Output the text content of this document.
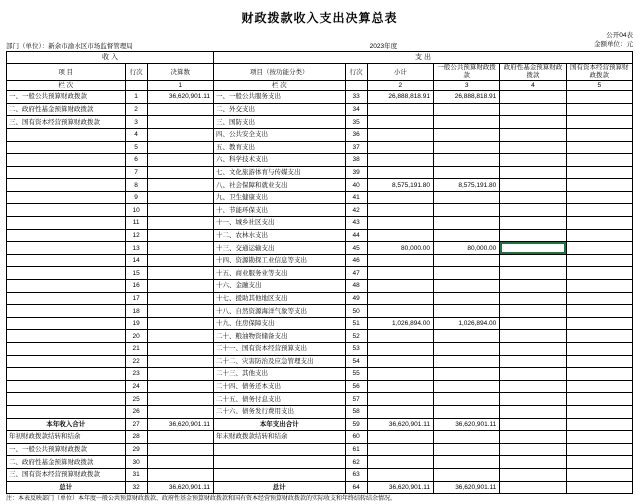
财政拨款收入支出决算总表
部门（单位）：新余市渝水区市场监督管理局	2023年度
公开04表
金额单位：元
收 入			支 出					
项 目	行次	决算数	项目（按功能分类）	行次	小计	一般公共预算财政拨款	政府性基金预算财政拨款	国有资本经营预算财政拨款

栏 次		1	栏 次		2	3	4	5
一、一般公共预算财政拨款	1	36,620,901.11	一、一般公共服务支出	33	26,888,818.91	26,888,818.91		
二、政府性基金预算财政拨款	2		二、外交支出	34				
三、国有资本经营预算财政拨款	3		三、国防支出	35				
	4		四、公共安全支出	36				
	5		五、教育支出	37				
	6		六、科学技术支出	38				
	7		七、文化旅游体育与传媒支出	39				
	8		八、社会保障和就业支出	40	8,575,191.80	8,575,191.80		
	9		九、卫生健康支出	41				
	10		十、节能环保支出	42				
	11		十一、城乡社区支出	43				
	12		十二、农林水支出	44				
	13		十三、交通运输支出	45	80,000.00	80,000.00		
	14		十四、资源勘探工业信息等支出	46				
	15		十五、商业服务业等支出	47				
	16		十六、金融支出	48				
	17		十七、援助其他地区支出	49				
	18		十八、自然资源海洋气象等支出	50				
	19		十九、住房保障支出	51	1,026,894.00	1,026,894.00		
	20		二十、粮油物资储备支出	52				
	21		二十一、国有资本经营预算支出	53				
	22		二十二、灾害防治及应急管理支出	54				
	23		二十三、其他支出	55				
	24		二十四、债务还本支出	56				
	25		二十五、债务付息支出	57				
	26		二十六、债务发行费用支出	58				
本年收入合计	27	36,620,901.11	本年支出合计	59	36,620,901.11	36,620,901.11		
年初财政拨款结转和结余	28		年末财政拨款结转和结余	60				
一、一般公共预算财政拨款	29			61				
二、政府性基金预算财政拨款	30			62				
三、国有资本经营预算财政拨款	31			63				
总计	32	36,620,901.11	总计	64	36,620,901.11	36,620,901.11		
注：本表反映部门（单位）本年度一般公共预算财政拨款、政府性基金预算财政拨款和国有资本经营预算财政拨款的实际收支和年终结转结余情况。
